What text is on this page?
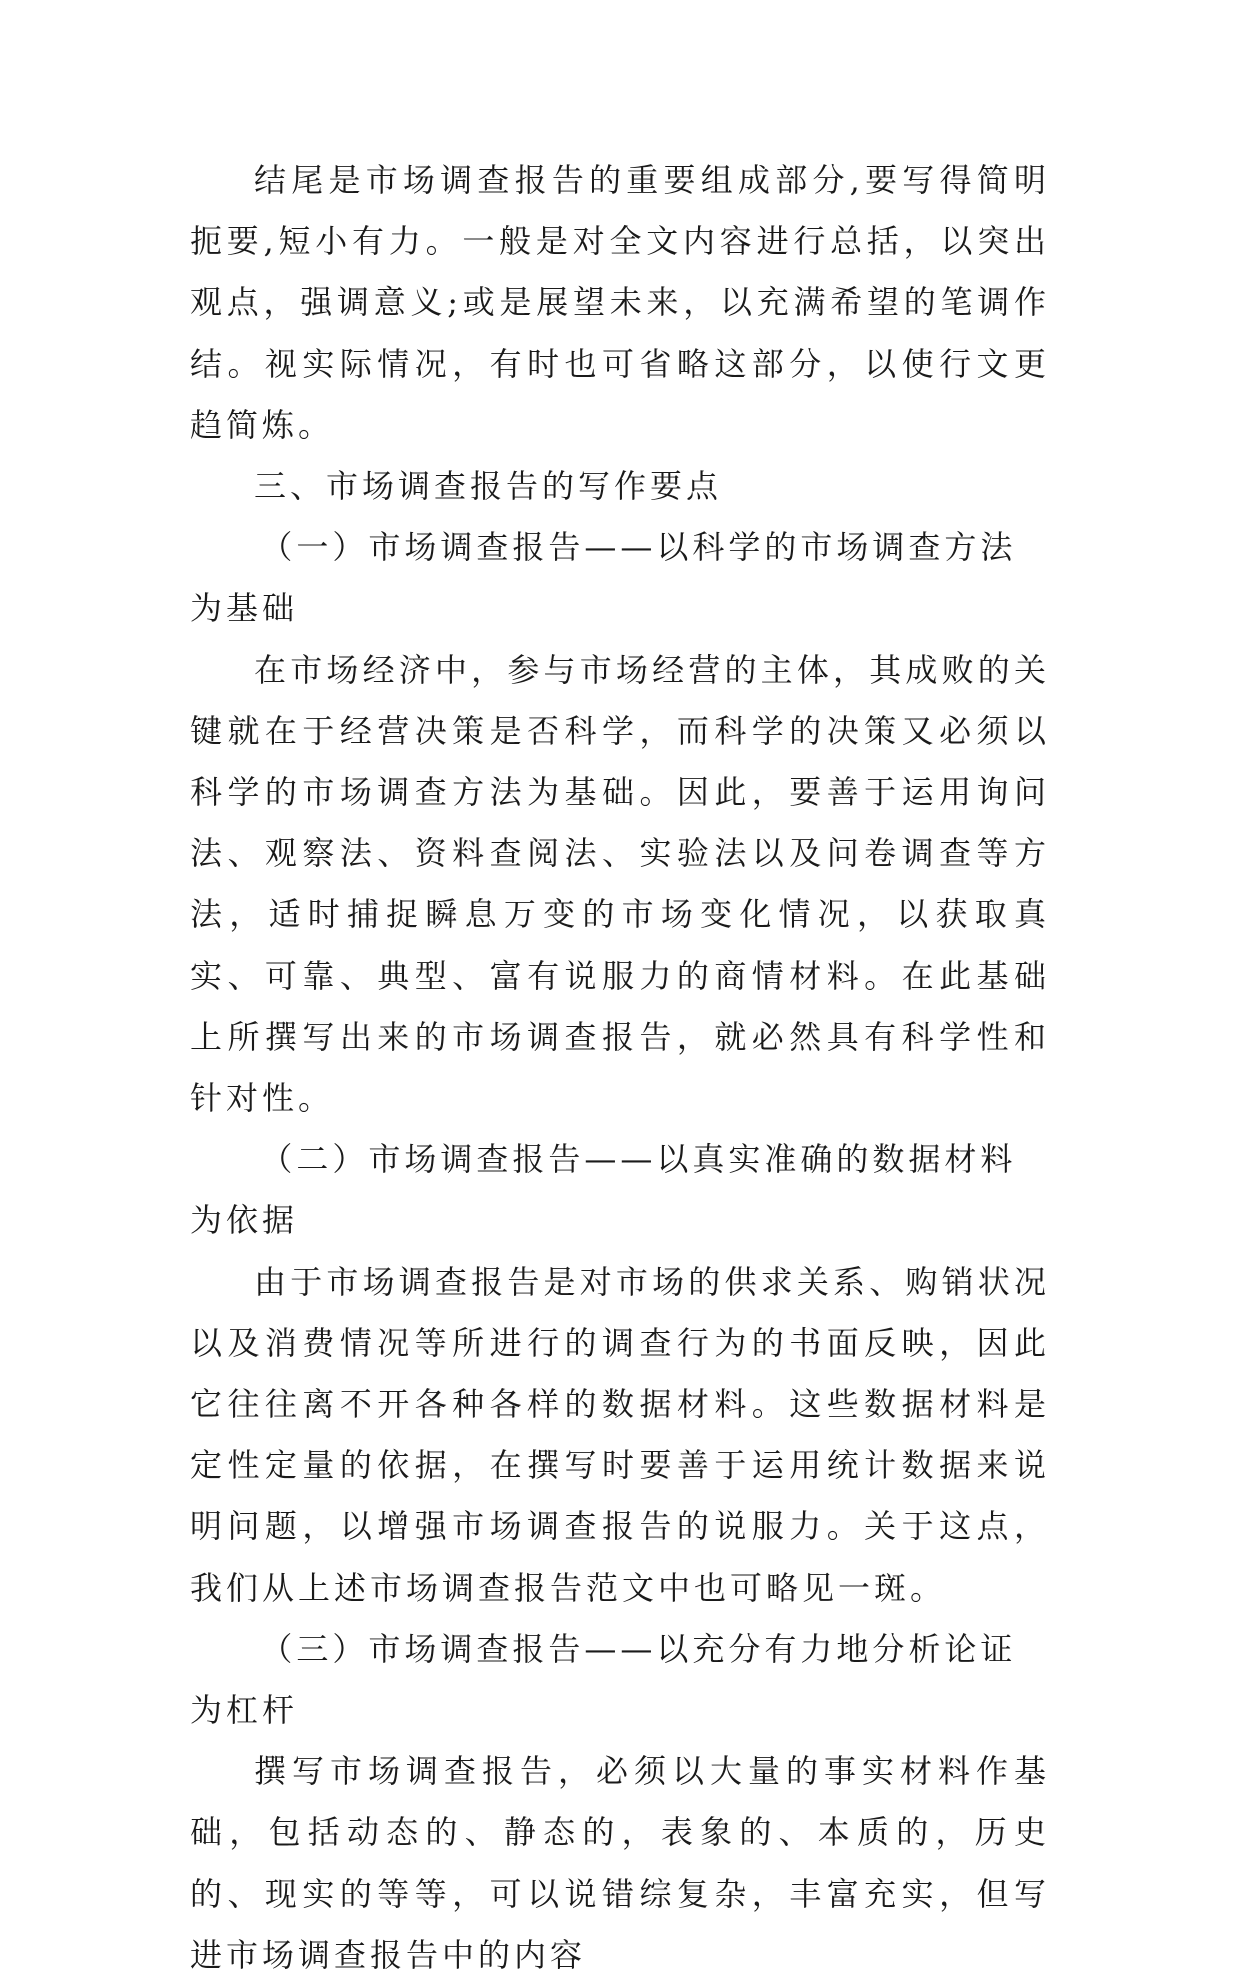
结尾是市场调查报告的重要组成部分,要写得简明扼要,短小有力。一般是对全文内容进行总括，以突出观点，强调意义;或是展望未来，以充满希望的笔调作结。视实际情况，有时也可省略这部分，以使行文更趋简炼。

三、市场调查报告的写作要点

（一）市场调查报告——以科学的市场调查方法为基础

在市场经济中，参与市场经营的主体，其成败的关键就在于经营决策是否科学，而科学的决策又必须以科学的市场调查方法为基础。因此，要善于运用询问法、观察法、资料查阅法、实验法以及问卷调查等方法，适时捕捉瞬息万变的市场变化情况，以获取真实、可靠、典型、富有说服力的商情材料。在此基础上所撰写出来的市场调查报告，就必然具有科学性和针对性。

（二）市场调查报告——以真实准确的数据材料为依据

由于市场调查报告是对市场的供求关系、购销状况以及消费情况等所进行的调查行为的书面反映，因此它往往离不开各种各样的数据材料。这些数据材料是定性定量的依据，在撰写时要善于运用统计数据来说明问题，以增强市场调查报告的说服力。关于这点，我们从上述市场调查报告范文中也可略见一斑。

（三）市场调查报告——以充分有力地分析论证为杠杆

撰写市场调查报告，必须以大量的事实材料作基础，包括动态的、静态的，表象的、本质的，历史的、现实的等等，可以说错综复杂，丰富充实，但写进市场调查报告中的内容
